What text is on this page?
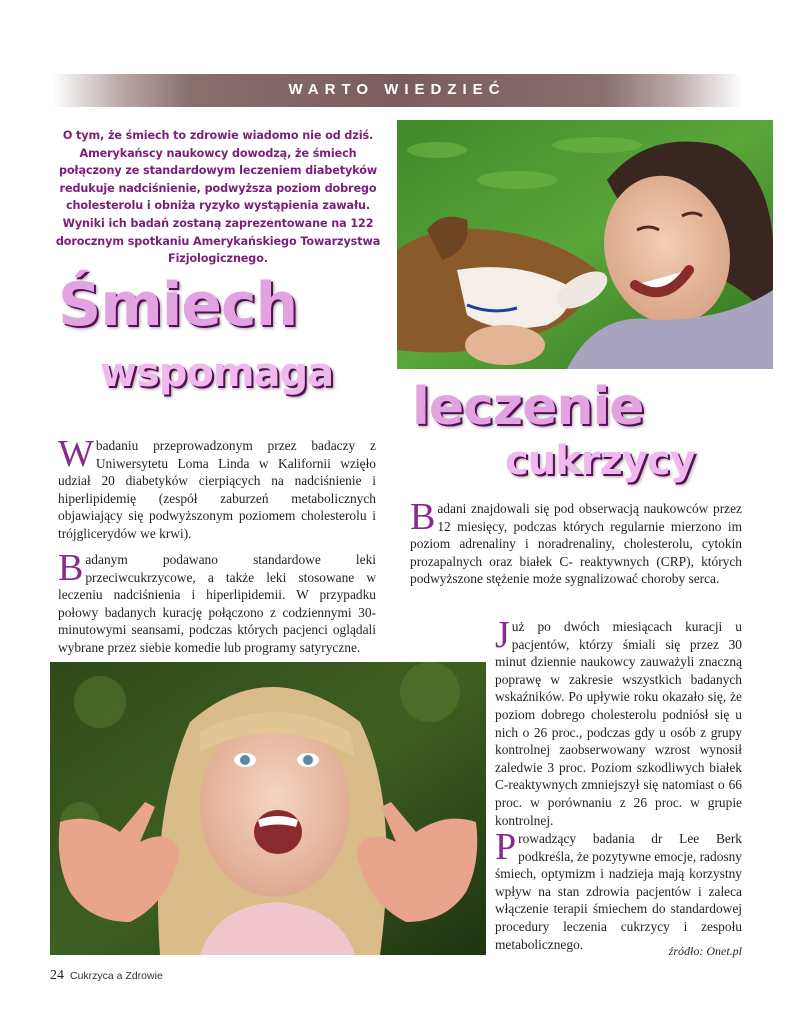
WARTO WIEDZIEĆ
O tym, że śmiech to zdrowie wiadomo nie od dziś. Amerykańscy naukowcy dowodzą, że śmiech połączony ze standardowym leczeniem diabetyków redukuje nadciśnienie, podwyższa poziom dobrego cholesterolu i obniża ryzyko wystąpienia zawału. Wyniki ich badań zostaną zaprezentowane na 122 dorocznym spotkaniu Amerykańskiego Towarzystwa Fizjologicznego.
Śmiech
wspomaga
leczenie
cukrzycy
W badaniu przeprowadzonym przez badaczy z Uniwersytetu Loma Linda w Kalifornii wzięło udział 20 diabetyków cierpiących na nadciśnienie i hiperlipidemię (zespół zaburzeń metabolicznych objawiający się podwyższonym poziomem cholesterolu i trójglicerydów we krwi).
Badanym podawano standardowe leki przeciwcukrzycowe, a także leki stosowane w leczeniu nadciśnienia i hiperlipidemii. W przypadku połowy badanych kurację połączono z codziennymi 30-minutowymi seansami, podczas których pacjenci oglądali wybrane przez siebie komedie lub programy satyryczne.
Badani znajdowali się pod obserwacją naukowców przez 12 miesięcy, podczas których regularnie mierzono im poziom adrenaliny i noradrenaliny, cholesterolu, cytokin prozapalnych oraz białek C- reaktywnych (CRP), których podwyższone stężenie może sygnalizować choroby serca.
Już po dwóch miesiącach kuracji u pacjentów, którzy śmiali się przez 30 minut dziennie naukowcy zauważyli znaczną poprawę w zakresie wszystkich badanych wskaźników. Po upływie roku okazało się, że poziom dobrego cholesterolu podniósł się u nich o 26 proc., podczas gdy u osób z grupy kontrolnej zaobserwowany wzrost wynosił zaledwie 3 proc. Poziom szkodliwych białek C-reaktywnych zmniejszył się natomiast o 66 proc. w porównaniu z 26 proc. w grupie kontrolnej.
Prowadzący badania dr Lee Berk podkreśla, że pozytywne emocje, radosny śmiech, optymizm i nadzieja mają korzystny wpływ na stan zdrowia pacjentów i zaleca włączenie terapii śmiechem do standardowej procedury leczenia cukrzycy i zespołu metabolicznego.	źródło: Onet.pl
24 Cukrzyca a Zdrowie
